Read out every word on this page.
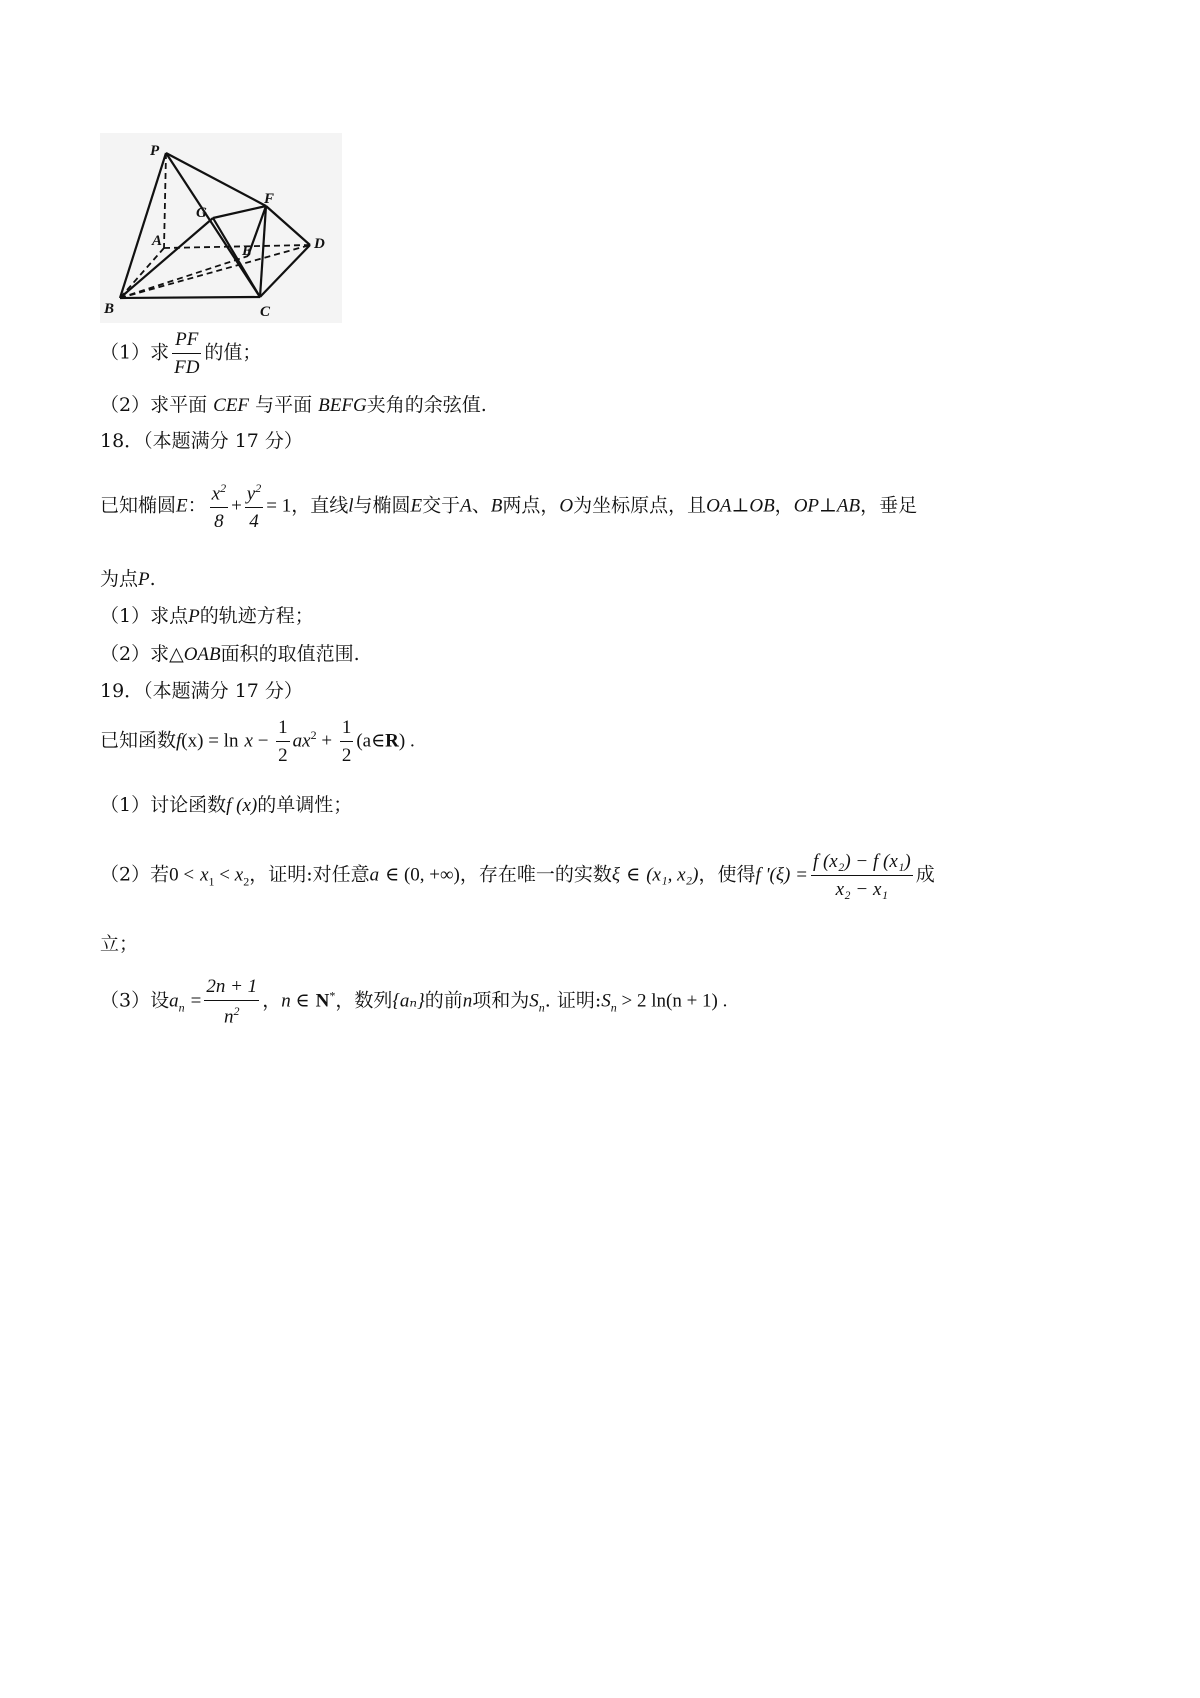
P
G
F
A
E	D
B	C
（1）求 $\frac{PF}{FD}$ 的值；
（2）求平面 CEF 与平面 BEFG夹角的余弦值.
18．（本题满分 17 分）
已知椭圆E： $\frac{x^2}{8} + \frac{y^2}{4} = 1$，直线l与椭圆E交于A、B两点，O为坐标原点，且OA⊥OB，OP⊥AB，垂足
为点P.
（1）求点P的轨迹方程；
（2）求△OAB面积的取值范围.
19．（本题满分 17 分）
已知函数$f(x) = \ln x - \frac{1}{2} ax^2 + \frac{1}{2}$ (a∈R) .
（1）讨论函数f (x)的单调性；
（2）若$0 < x_1 < x_2$，证明:对任意a ∈ (0, +∞)，存在唯一的实数ξ ∈ (x₁, x₂)，使得f '$(\xi) = \frac{\text{f (x₂) − f (x₁)}}{\text{x₂ − x₁}}$ 成
立；
（3）设$a_n = \frac{2n + 1}{n^2}$ ，n ∈ N*，数列{aₙ}的前n项和为$S_n$. 证明$:S_n > 2$ ln(n + 1) .
